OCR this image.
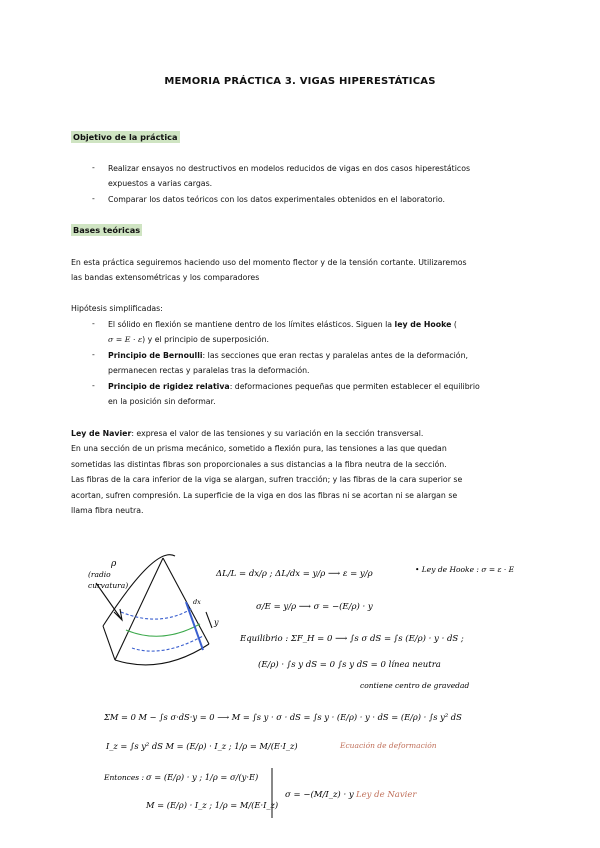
MEMORIA PRÁCTICA 3. VIGAS HIPERESTÁTICAS
Objetivo de la práctica
- Realizar ensayos no destructivos en modelos reducidos de vigas en dos casos hiperestáticos
expuestos a varias cargas.
- Comparar los datos teóricos con los datos experimentales obtenidos en el laboratorio.
Bases teóricas
En esta práctica seguiremos haciendo uso del momento flector y de la tensión cortante. Utilizaremos
las bandas extensométricas y los comparadores
Hipótesis simplificadas:
- El sólido en flexión se mantiene dentro de los límites elásticos. Siguen la ley de Hooke (
σ = E · ε) y el principio de superposición.
- Principio de Bernoulli: las secciones que eran rectas y paralelas antes de la deformación,
permanecen rectas y paralelas tras la deformación.
- Principio de rigidez relativa: deformaciones pequeñas que permiten establecer el equilibrio
en la posición sin deformar.
Ley de Navier: expresa el valor de las tensiones y su variación en la sección transversal.
En una sección de un prisma mecánico, sometido a flexión pura, las tensiones a las que quedan
sometidas las distintas fibras son proporcionales a sus distancias a la fibra neutra de la sección.
Las fibras de la cara inferior de la viga se alargan, sufren tracción; y las fibras de la cara superior se
acortan, sufren compresión. La superficie de la viga en dos las fibras ni se acortan ni se alargan se
llama fibra neutra.
ρ
(radio
curvatura)
y
dx
ΔL/L = dx/ρ ; ΔL/dx = y/ρ ⟶ ε = y/ρ	• Ley de Hooke : σ = ε · E
σ/E = y/ρ ⟶ σ = −(E/ρ) · y
Equilibrio : ΣF_H = 0 ⟶ ∫s σ dS = ∫s (E/ρ) · y · dS ;
(E/ρ) · ∫s y dS = 0 ∫s y dS = 0 línea neutra
contiene centro de gravedad
ΣM = 0 M − ∫s σ·dS·y = 0 ⟶ M = ∫s y · σ · dS = ∫s y · (E/ρ) · y · dS = (E/ρ) · ∫s y² dS
I_z = ∫s y² dS M = (E/ρ) · I_z ; 1/ρ = M/(E·I_z)	Ecuación de deformación
Entonces : σ = (E/ρ) · y ; 1/ρ = σ/(y·E)
M = (E/ρ) · I_z ; 1/ρ = M/(E·I_z)
σ = −(M/I_z) · y Ley de Navier
